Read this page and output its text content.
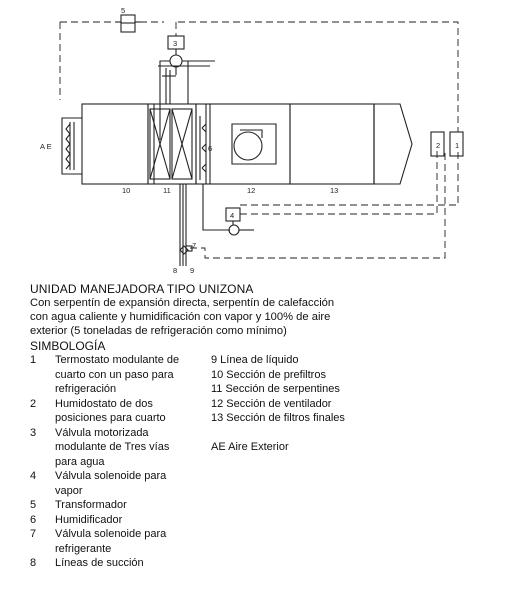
5
3
A E	6	2 1
10	11	12	13
4
7
8 9
UNIDAD MANEJADORA TIPO UNIZONA
Con serpentín de expansión directa, serpentín de calefacción
con agua caliente y humidificación con vapor y 100% de aire
exterior (5 toneladas de refrigeración como mínimo)
SIMBOLOGÍA
1 Termostato modulante de
cuarto con un paso para
refrigeración
2 Humidostato de dos
posiciones para cuarto
3 Válvula motorizada
modulante de Tres vías
para agua
4 Válvula solenoide para
vapor
5 Transformador
6 Humidificador
7 Válvula solenoide para
refrigerante
8 Líneas de succión
9 Línea de líquido
10 Sección de prefiltros
11 Sección de serpentines
12 Sección de ventilador
13 Sección de filtros finales

AE Aire Exterior
